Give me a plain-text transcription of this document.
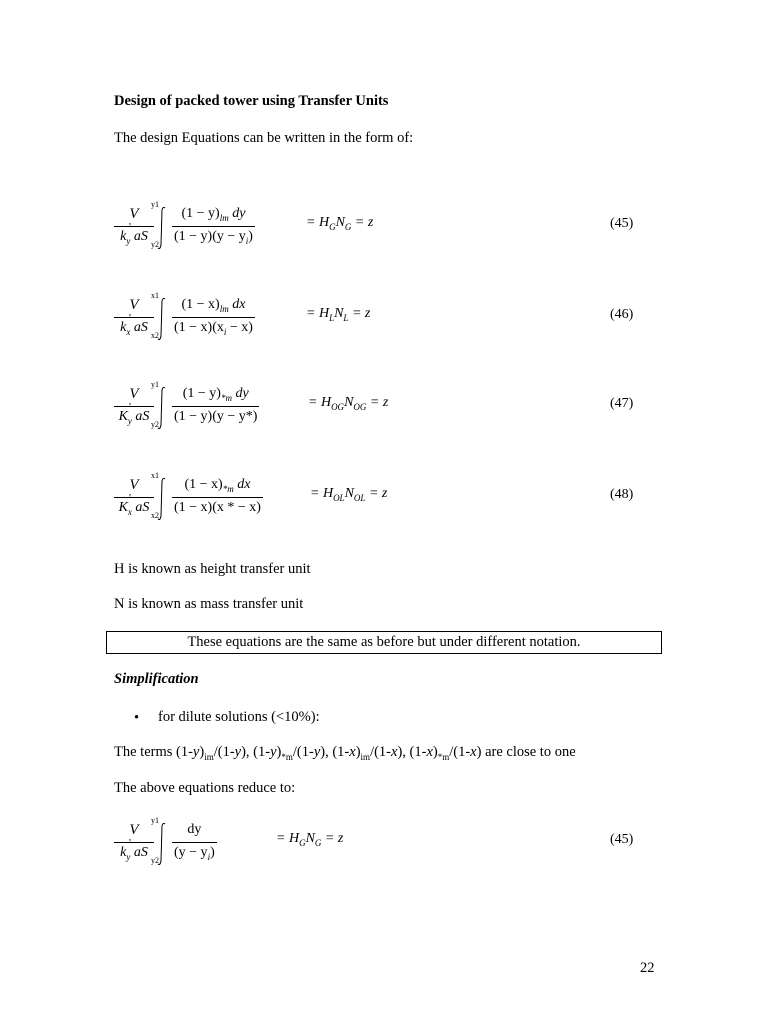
Design of packed tower using Transfer Units
The design Equations can be written in the form of:
V
'
$k_y$ aS
y1
y2
$(1 - y)_{lm}$ dy
$(1 - y)(y - y_i)$
= $H_GN_G = z$	(45)
V
'
$k_x$ aS
x1
x2
$(1 - x)_{lm}$ dx
$(1 - x)(x_i - x)$
= $H_LN_L = z$	(46)
V
'
$K_y$ aS
y1
y2
$(1 - y)_{*m}$ dy
(1 − y)(y − y*)
= $H_{OG}N_{OG} = z$	(47)
V
'
$K_x$ aS
x1
x2
$(1 - x)_{*m}$ dx
(1 − x)(x * − x)
= $H_{OL}N_{OL} = z$	(48)
V
'
$k_y$ aS
y1
y2
dy
$(y - y_i)$
= $H_GN_G = z$	(45)
H is known as height transfer unit
N is known as mass transfer unit
These equations are the same as before but under different notation.
Simplification
• for dilute solutions (<10%):
The terms $(1-y)_{im}/(1-y)$, $(1-y)_{*m}/(1-y)$, $(1-x)_{im}/(1-x)$, $(1-x)_{*m}/(1-x)$ are close to one
The above equations reduce to:
22
